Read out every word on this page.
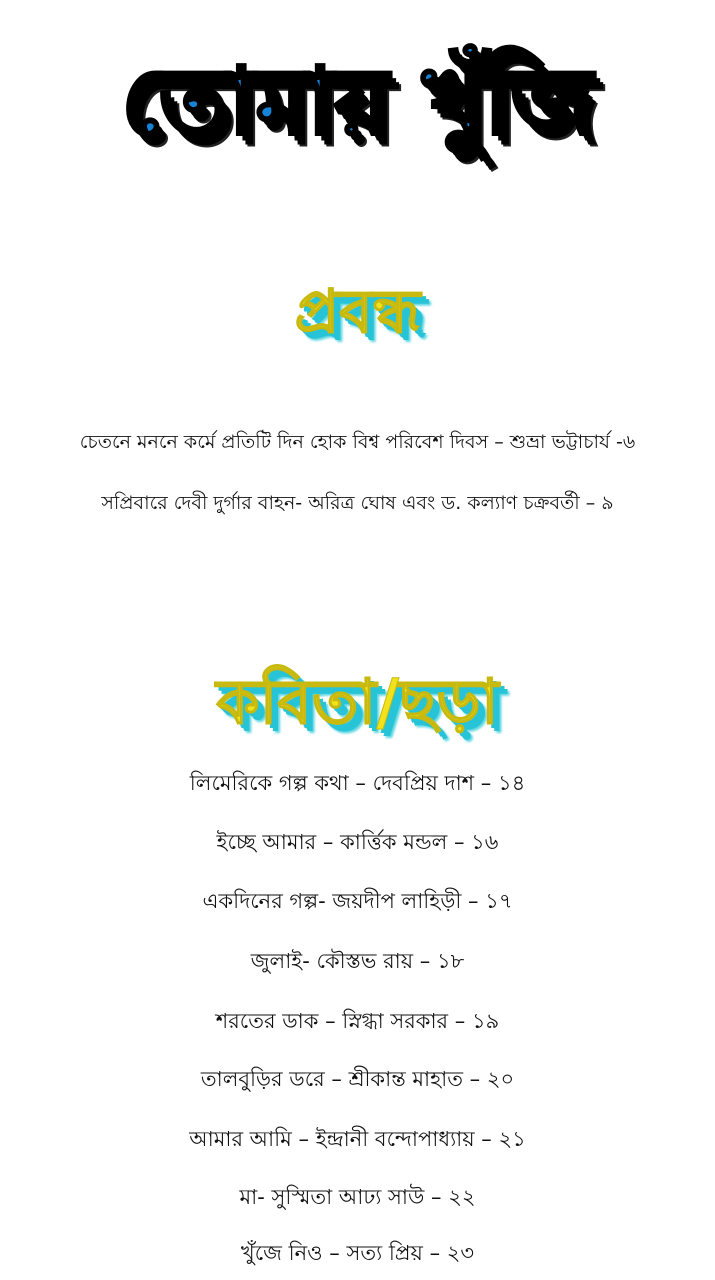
তোমায় খুঁজি
প্রবন্ধ
চেতনে মননে কর্মে প্রতিটি দিন হোক বিশ্ব পরিবেশ দিবস – শুভ্রা ভট্টাচার্য -৬
সপ্রিবারে দেবী দুর্গার বাহন- অরিত্র ঘোষ এবং ড. কল্যাণ চক্রবর্তী – ৯
কবিতা/ছড়া
লিমেরিকে গল্প কথা – দেবপ্রিয় দাশ – ১৪
ইচ্ছে আমার – কার্ত্তিক মন্ডল – ১৬
একদিনের গল্প- জয়দীপ লাহিড়ী – ১৭
জুলাই- কৌস্তভ রায় – ১৮
শরতের ডাক – স্নিগ্ধা সরকার – ১৯
তালবুড়ির ডরে – শ্রীকান্ত মাহাত – ২০
আমার আমি – ইন্দ্রানী বন্দোপাধ্যায় – ২১
মা- সুস্মিতা আঢ্য সাউ – ২২
খুঁজে নিও – সত্য প্রিয় – ২৩
